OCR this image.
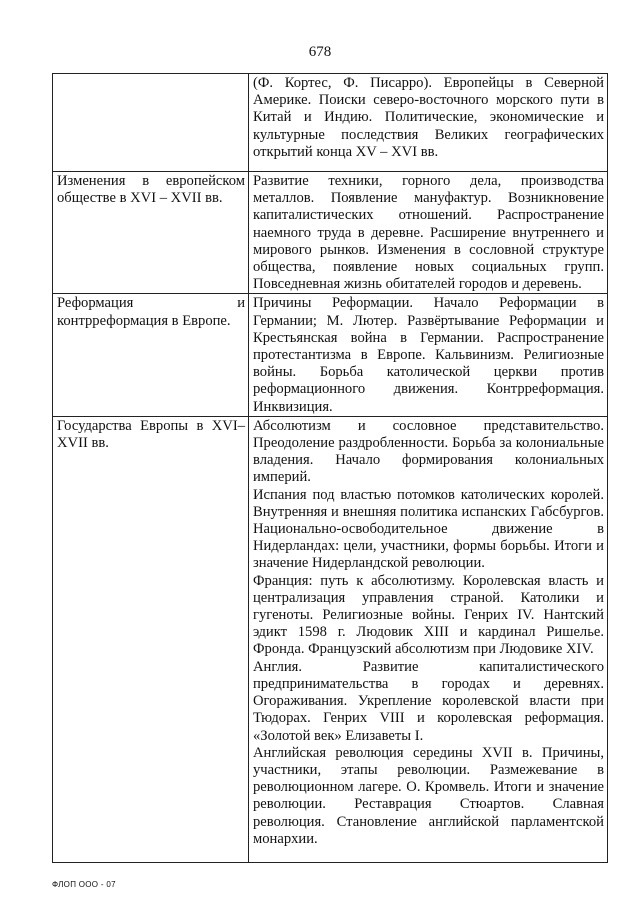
678

	(Ф. Кортес, Ф. Писарро). Европейцы в Северной Америке. Поиски северо-восточного морского пути в Китай и Индию. Политические, экономические и культурные последствия Великих географических открытий конца XV – XVI вв.

Изменения в европейском обществе в XVI – XVII вв.	Развитие техники, горного дела, производства металлов. Появление мануфактур. Возникновение капиталистических отношений. Распространение наемного труда в деревне. Расширение внутреннего и мирового рынков. Изменения в сословной структуре общества, появление новых социальных групп. Повседневная жизнь обитателей городов и деревень.

Реформация и контрреформация в Европе.	Причины Реформации. Начало Реформации в Германии; М. Лютер. Развёртывание Реформации и Крестьянская война в Германии. Распространение протестантизма в Европе. Кальвинизм. Религиозные войны. Борьба католической церкви против реформационного движения. Контрреформация. Инквизиция.

Государства Европы в XVI– XVII вв.	Абсолютизм и сословное представительство. Преодоление раздробленности. Борьба за колониальные владения. Начало формирования колониальных империй.
Испания под властью потомков католических королей. Внутренняя и внешняя политика испанских Габсбургов. Национально-освободительное движение в Нидерландах: цели, участники, формы борьбы. Итоги и значение Нидерландской революции.
Франция: путь к абсолютизму. Королевская власть и централизация управления страной. Католики и гугеноты. Религиозные войны. Генрих IV. Нантский эдикт 1598 г. Людовик XIII и кардинал Ришелье. Фронда. Французский абсолютизм при Людовике XIV.
Англия. Развитие капиталистического предпринимательства в городах и деревнях. Огораживания. Укрепление королевской власти при Тюдорах. Генрих VIII и королевская реформация. «Золотой век» Елизаветы I.
Английская революция середины XVII в. Причины, участники, этапы революции. Размежевание в революционном лагере. О. Кромвель. Итоги и значение революции. Реставрация Стюартов. Славная революция. Становление английской парламентской монархии.
ФЛОП ООО - 07
